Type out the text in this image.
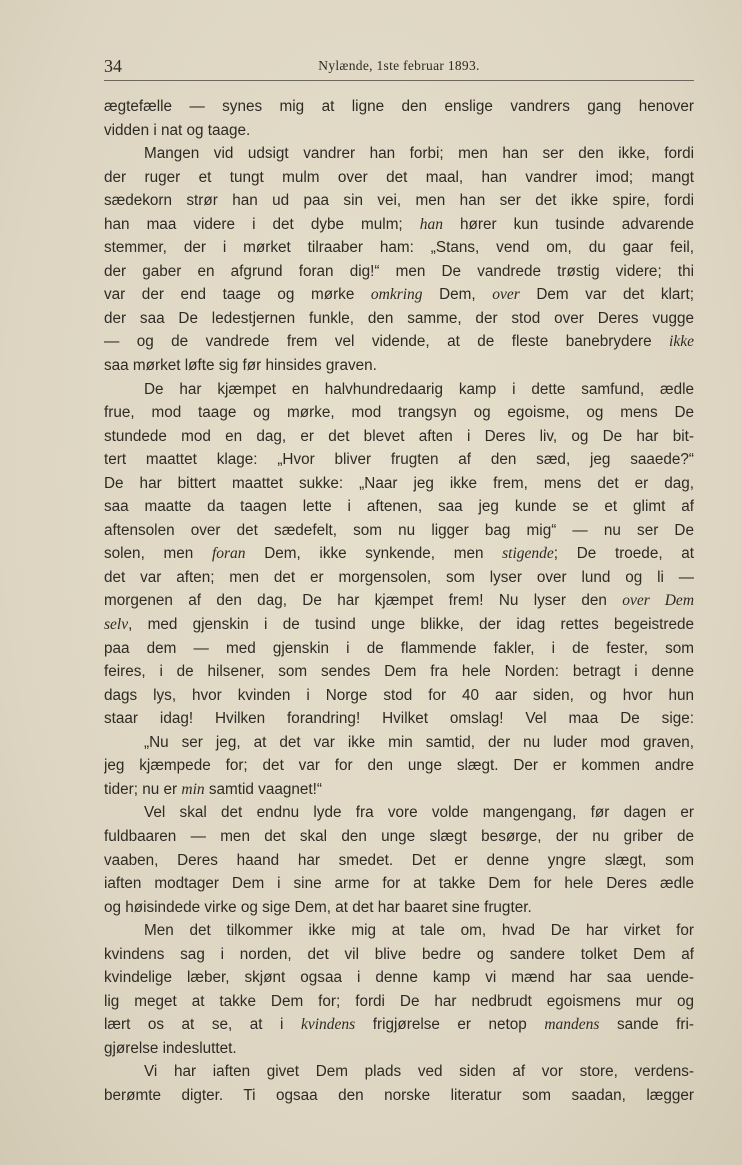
34	Nylænde, 1ste februar 1893.
ægtefælle — synes mig at ligne den enslige vandrers gang henover
vidden i nat og taage.
Mangen vid udsigt vandrer han forbi; men han ser den ikke, fordi
der ruger et tungt mulm over det maal, han vandrer imod; mangt
sædekorn strør han ud paa sin vei, men han ser det ikke spire, fordi
han maa videre i det dybe mulm; han hører kun tusinde advarende
stemmer, der i mørket tilraaber ham: „Stans, vend om, du gaar feil,
der gaber en afgrund foran dig!“ men De vandrede trøstig videre; thi
var der end taage og mørke omkring Dem, over Dem var det klart;
der saa De ledestjernen funkle, den samme, der stod over Deres vugge
— og de vandrede frem vel vidende, at de fleste banebrydere ikke
saa mørket løfte sig før hinsides graven.
De har kjæmpet en halvhundredaarig kamp i dette samfund, ædle
frue, mod taage og mørke, mod trangsyn og egoisme, og mens De
stundede mod en dag, er det blevet aften i Deres liv, og De har bit-
tert maattet klage: „Hvor bliver frugten af den sæd, jeg saaede?“
De har bittert maattet sukke: „Naar jeg ikke frem, mens det er dag,
saa maatte da taagen lette i aftenen, saa jeg kunde se et glimt af
aftensolen over det sædefelt, som nu ligger bag mig“ — nu ser De
solen, men foran Dem, ikke synkende, men stigende; De troede, at
det var aften; men det er morgensolen, som lyser over lund og li —
morgenen af den dag, De har kjæmpet frem! Nu lyser den over Dem
selv, med gjenskin i de tusind unge blikke, der idag rettes begeistrede
paa dem — med gjenskin i de flammende fakler, i de fester, som
feires, i de hilsener, som sendes Dem fra hele Norden: betragt i denne
dags lys, hvor kvinden i Norge stod for 40 aar siden, og hvor hun
staar idag! Hvilken forandring! Hvilket omslag! Vel maa De sige:
„Nu ser jeg, at det var ikke min samtid, der nu luder mod graven,
jeg kjæmpede for; det var for den unge slægt. Der er kommen andre
tider; nu er min samtid vaagnet!“
Vel skal det endnu lyde fra vore volde mangengang, før dagen er
fuldbaaren — men det skal den unge slægt besørge, der nu griber de
vaaben, Deres haand har smedet. Det er denne yngre slægt, som
iaften modtager Dem i sine arme for at takke Dem for hele Deres ædle
og høisindede virke og sige Dem, at det har baaret sine frugter.
Men det tilkommer ikke mig at tale om, hvad De har virket for
kvindens sag i norden, det vil blive bedre og sandere tolket Dem af
kvindelige læber, skjønt ogsaa i denne kamp vi mænd har saa uende-
lig meget at takke Dem for; fordi De har nedbrudt egoismens mur og
lært os at se, at i kvindens frigjørelse er netop mandens sande fri-
gjørelse indesluttet.
Vi har iaften givet Dem plads ved siden af vor store, verdens-
berømte digter. Ti ogsaa den norske literatur som saadan, lægger
